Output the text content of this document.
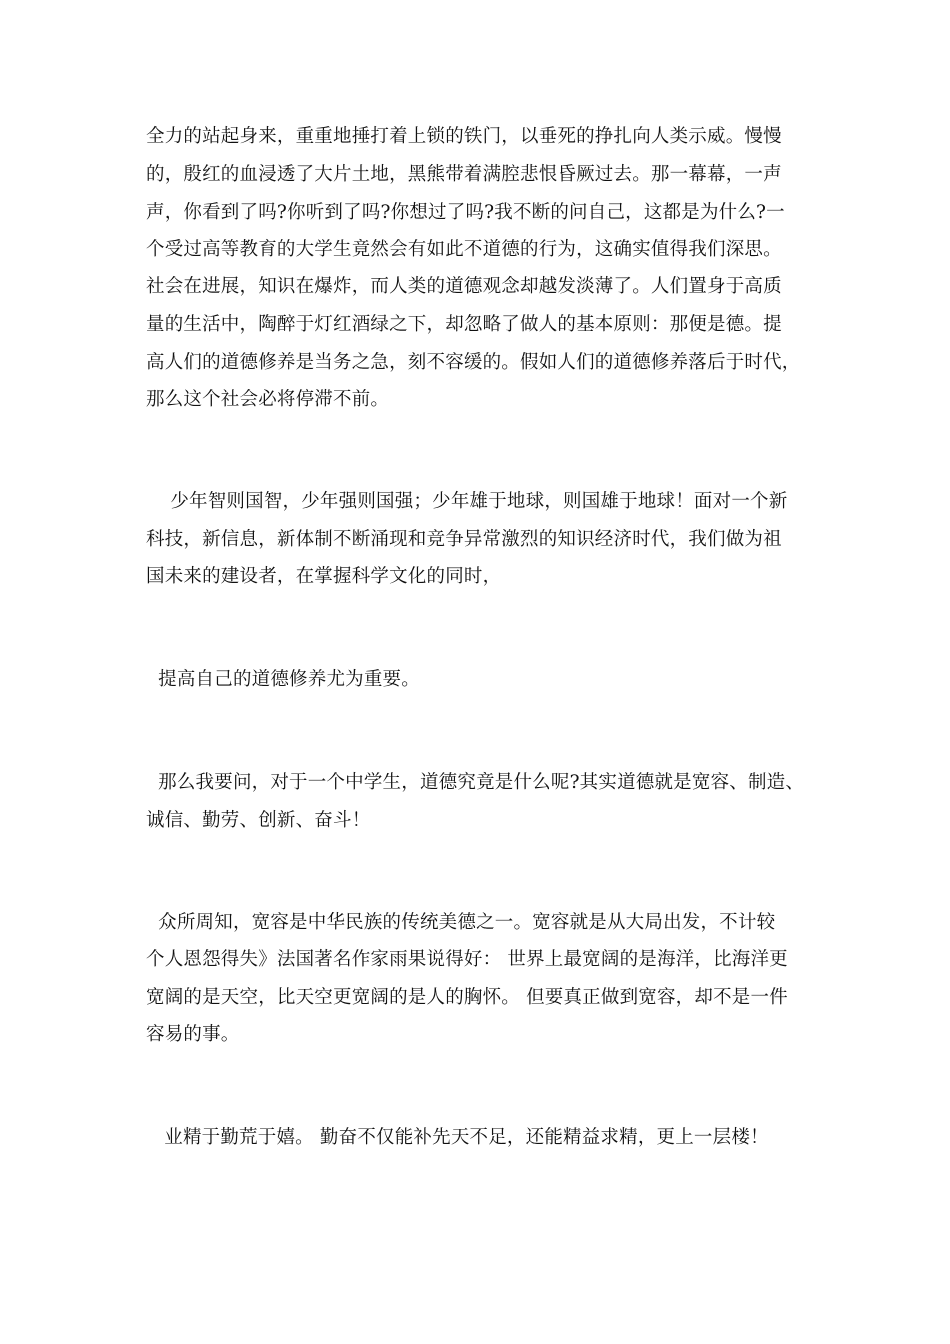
全力的站起身来，重重地捶打着上锁的铁门，以垂死的挣扎向人类示威。慢慢
的，殷红的血浸透了大片土地，黑熊带着满腔悲恨昏厥过去。那一幕幕，一声
声，你看到了吗?你听到了吗?你想过了吗?我不断的问自己，这都是为什么?一
个受过高等教育的大学生竟然会有如此不道德的行为，这确实值得我们深思。
社会在进展，知识在爆炸，而人类的道德观念却越发淡薄了。人们置身于高质
量的生活中，陶醉于灯红酒绿之下，却忽略了做人的基本原则：那便是德。提
高人们的道德修养是当务之急，刻不容缓的。假如人们的道德修养落后于时代，
那么这个社会必将停滞不前。
少年智则国智，少年强则国强；少年雄于地球，则国雄于地球！面对一个新
科技，新信息，新体制不断涌现和竞争异常激烈的知识经济时代，我们做为祖
国未来的建设者，在掌握科学文化的同时，
提高自己的道德修养尤为重要。
那么我要问，对于一个中学生，道德究竟是什么呢?其实道德就是宽容、制造、
诚信、勤劳、创新、奋斗！
众所周知，宽容是中华民族的传统美德之一。宽容就是从大局出发，不计较
个人恩怨得失》法国著名作家雨果说得好： 世界上最宽阔的是海洋，比海洋更
宽阔的是天空，比天空更宽阔的是人的胸怀。 但要真正做到宽容，却不是一件
容易的事。
业精于勤荒于嬉。 勤奋不仅能补先天不足，还能精益求精，更上一层楼！
